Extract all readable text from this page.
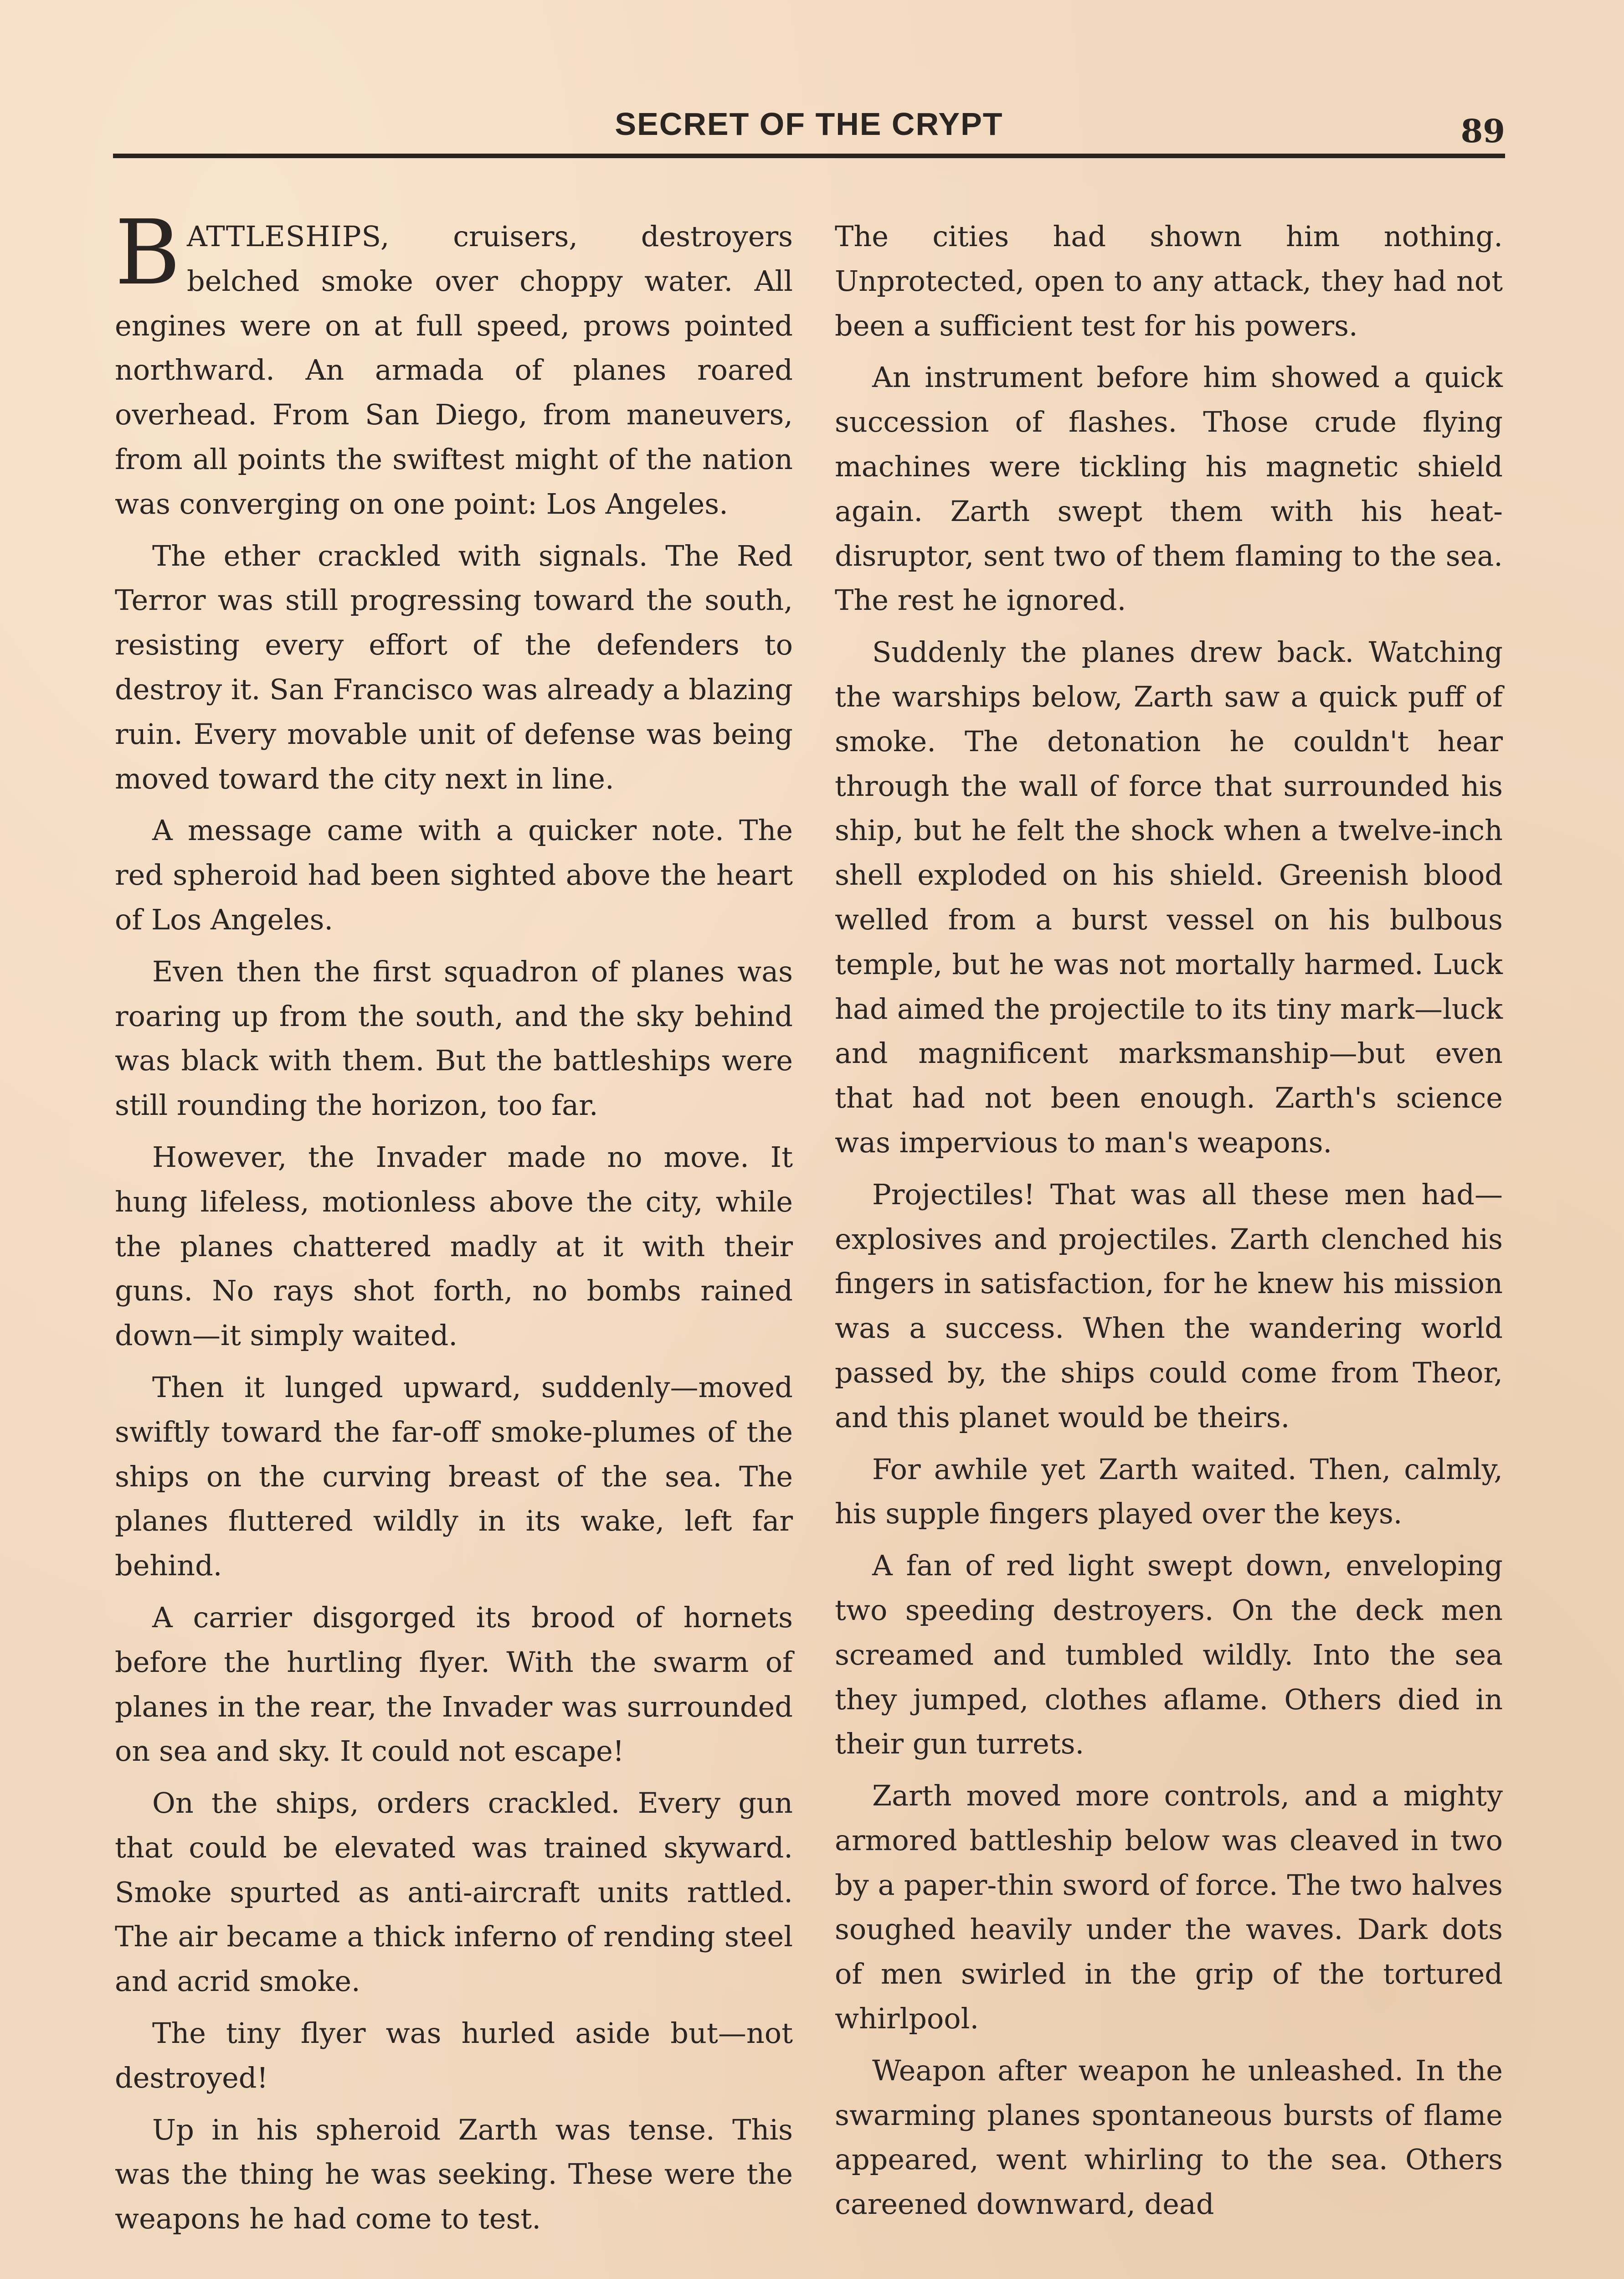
SECRET OF THE CRYPT	89

BATTLESHIPS, cruisers, destroyers belched smoke over choppy water. All engines were on at full speed, prows pointed northward. An armada of planes roared overhead. From San Diego, from maneuvers, from all points the swiftest might of the nation was converging on one point: Los Angeles.

The ether crackled with signals. The Red Terror was still progressing toward the south, resisting every effort of the defenders to destroy it. San Francisco was already a blazing ruin. Every movable unit of defense was being moved toward the city next in line.

A message came with a quicker note. The red spheroid had been sighted above the heart of Los Angeles.

Even then the first squadron of planes was roaring up from the south, and the sky behind was black with them. But the battleships were still rounding the horizon, too far.

However, the Invader made no move. It hung lifeless, motionless above the city, while the planes chattered madly at it with their guns. No rays shot forth, no bombs rained down—it simply waited.

Then it lunged upward, suddenly—moved swiftly toward the far-off smoke-plumes of the ships on the curving breast of the sea. The planes fluttered wildly in its wake, left far behind.

A carrier disgorged its brood of hornets before the hurtling flyer. With the swarm of planes in the rear, the Invader was surrounded on sea and sky. It could not escape!

On the ships, orders crackled. Every gun that could be elevated was trained skyward. Smoke spurted as anti-aircraft units rattled. The air became a thick inferno of rending steel and acrid smoke.

The tiny flyer was hurled aside but—not destroyed!

Up in his spheroid Zarth was tense. This was the thing he was seeking. These were the weapons he had come to test.

The cities had shown him nothing. Unprotected, open to any attack, they had not been a sufficient test for his powers.

An instrument before him showed a quick succession of flashes. Those crude flying machines were tickling his magnetic shield again. Zarth swept them with his heat-disruptor, sent two of them flaming to the sea. The rest he ignored.

Suddenly the planes drew back. Watching the warships below, Zarth saw a quick puff of smoke. The detonation he couldn't hear through the wall of force that surrounded his ship, but he felt the shock when a twelve-inch shell exploded on his shield. Greenish blood welled from a burst vessel on his bulbous temple, but he was not mortally harmed. Luck had aimed the projectile to its tiny mark—luck and magnificent marksmanship—but even that had not been enough. Zarth's science was impervious to man's weapons.

Projectiles! That was all these men had—explosives and projectiles. Zarth clenched his fingers in satisfaction, for he knew his mission was a success. When the wandering world passed by, the ships could come from Theor, and this planet would be theirs.

For awhile yet Zarth waited. Then, calmly, his supple fingers played over the keys.

A fan of red light swept down, enveloping two speeding destroyers. On the deck men screamed and tumbled wildly. Into the sea they jumped, clothes aflame. Others died in their gun turrets.

Zarth moved more controls, and a mighty armored battleship below was cleaved in two by a paper-thin sword of force. The two halves soughed heavily under the waves. Dark dots of men swirled in the grip of the tortured whirlpool.

Weapon after weapon he unleashed. In the swarming planes spontaneous bursts of flame appeared, went whirling to the sea. Others careened downward, dead
